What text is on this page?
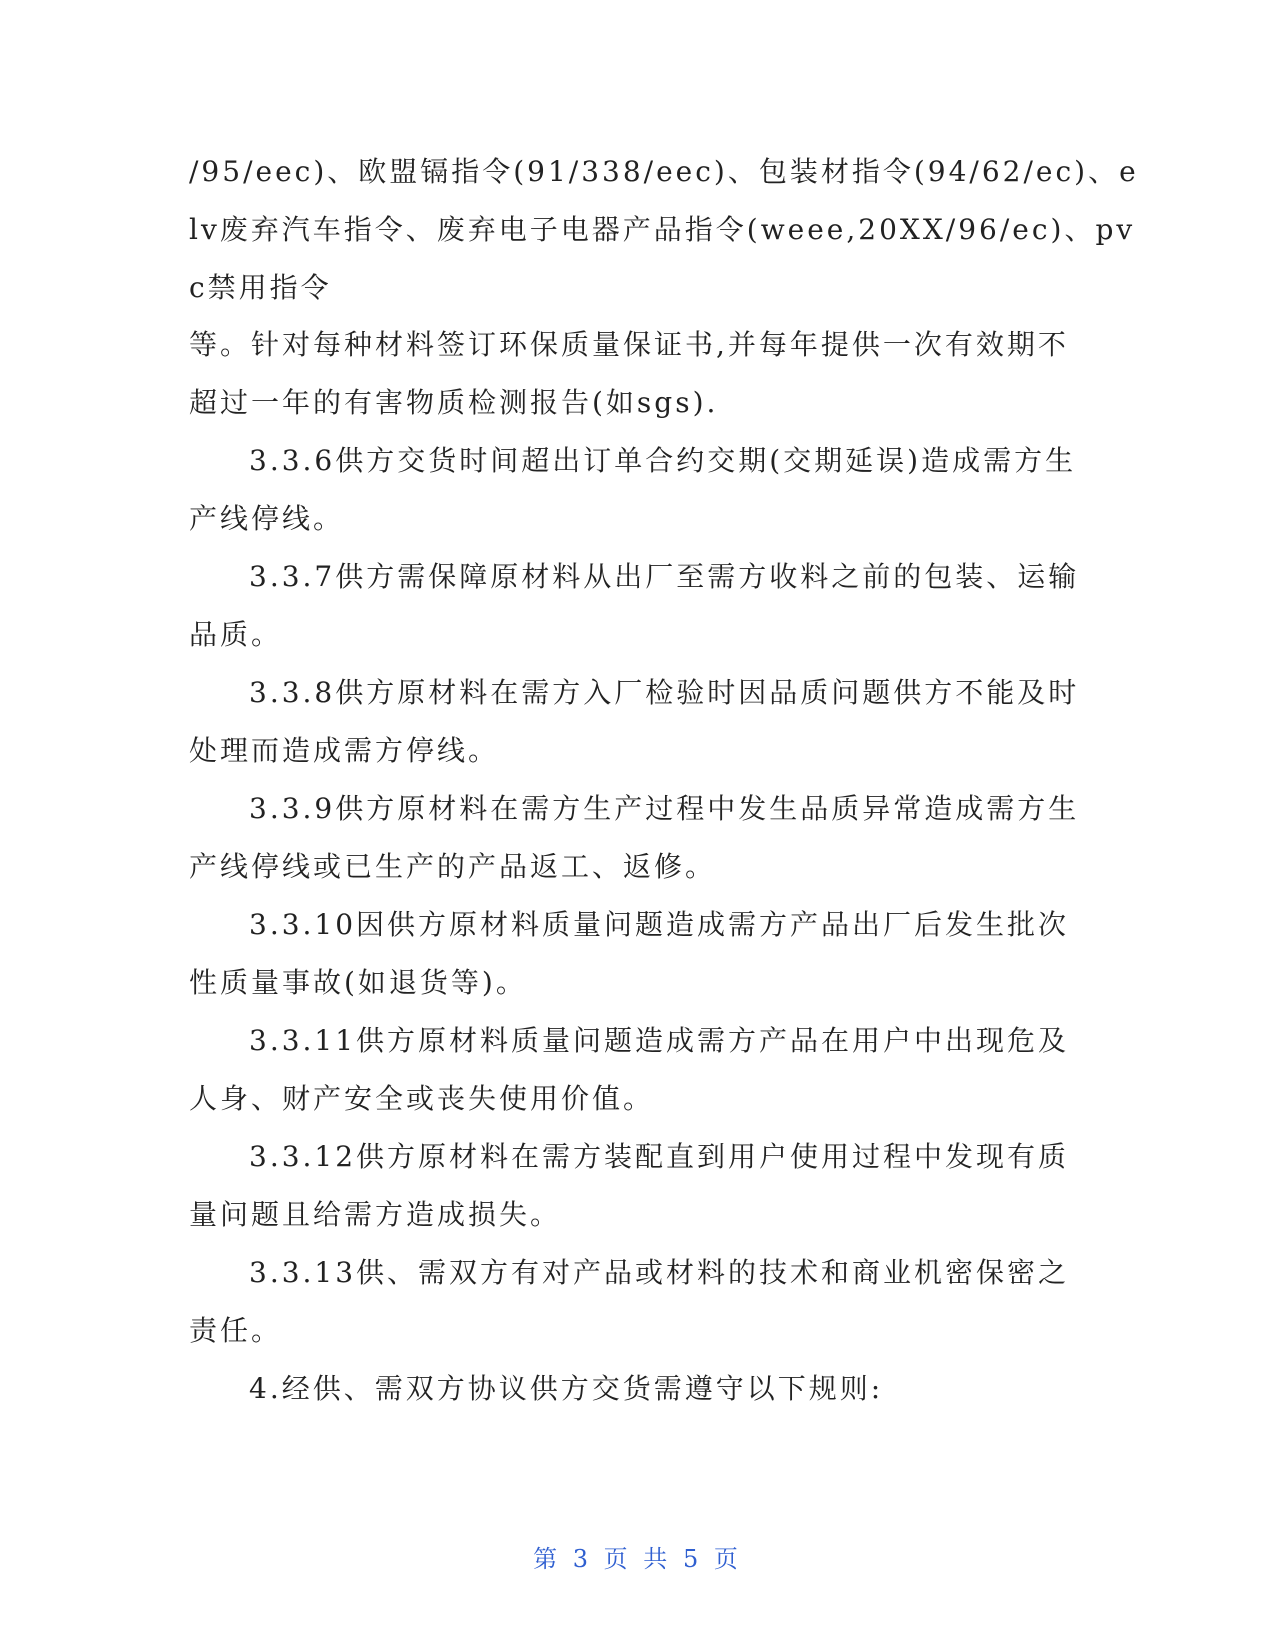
/95/eec)、欧盟镉指令(91/338/eec)、包装材指令(94/62/ec)、e
lv废弃汽车指令、废弃电子电器产品指令(weee,20XX/96/ec)、pv
c禁用指令
等。针对每种材料签订环保质量保证书,并每年提供一次有效期不
超过一年的有害物质检测报告(如sgs).
3.3.6供方交货时间超出订单合约交期(交期延误)造成需方生
产线停线。
3.3.7供方需保障原材料从出厂至需方收料之前的包装、运输
品质。
3.3.8供方原材料在需方入厂检验时因品质问题供方不能及时
处理而造成需方停线。
3.3.9供方原材料在需方生产过程中发生品质异常造成需方生
产线停线或已生产的产品返工、返修。
3.3.10因供方原材料质量问题造成需方产品出厂后发生批次
性质量事故(如退货等)。
3.3.11供方原材料质量问题造成需方产品在用户中出现危及
人身、财产安全或丧失使用价值。
3.3.12供方原材料在需方装配直到用户使用过程中发现有质
量问题且给需方造成损失。
3.3.13供、需双方有对产品或材料的技术和商业机密保密之
责任。
4.经供、需双方协议供方交货需遵守以下规则:
第 3 页 共 5 页
